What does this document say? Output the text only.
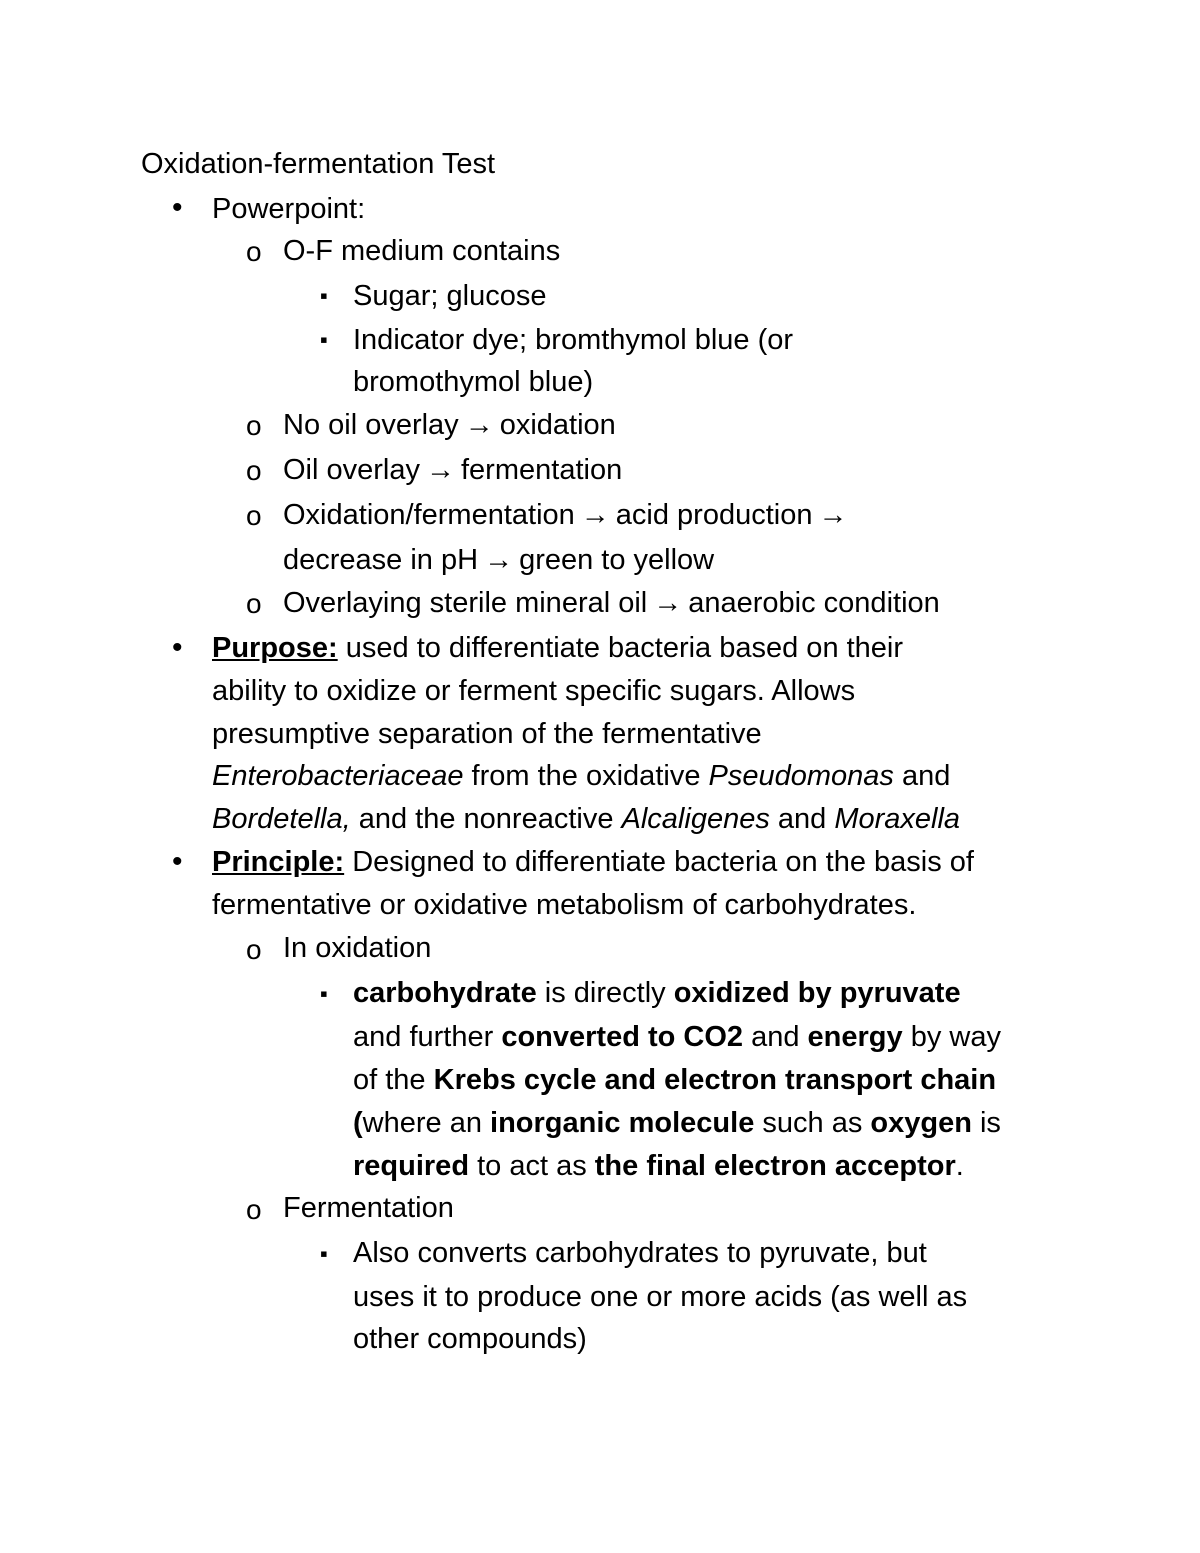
Oxidation-fermentation Test
• Powerpoint:
o O-F medium contains
▪ Sugar; glucose
▪ Indicator dye; bromthymol blue (or
bromothymol blue)
o No oil overlay → oxidation
o Oil overlay → fermentation
o Oxidation/fermentation → acid production →
decrease in pH → green to yellow
o Overlaying sterile mineral oil → anaerobic condition
• Purpose: used to differentiate bacteria based on their
ability to oxidize or ferment specific sugars. Allows
presumptive separation of the fermentative
Enterobacteriaceae from the oxidative Pseudomonas and
Bordetella, and the nonreactive Alcaligenes and Moraxella
• Principle: Designed to differentiate bacteria on the basis of
fermentative or oxidative metabolism of carbohydrates.
o In oxidation
▪ carbohydrate is directly oxidized by pyruvate
and further converted to CO2 and energy by way
of the Krebs cycle and electron transport chain
(where an inorganic molecule such as oxygen is
required to act as the final electron acceptor.
o Fermentation
▪ Also converts carbohydrates to pyruvate, but
uses it to produce one or more acids (as well as
other compounds)
